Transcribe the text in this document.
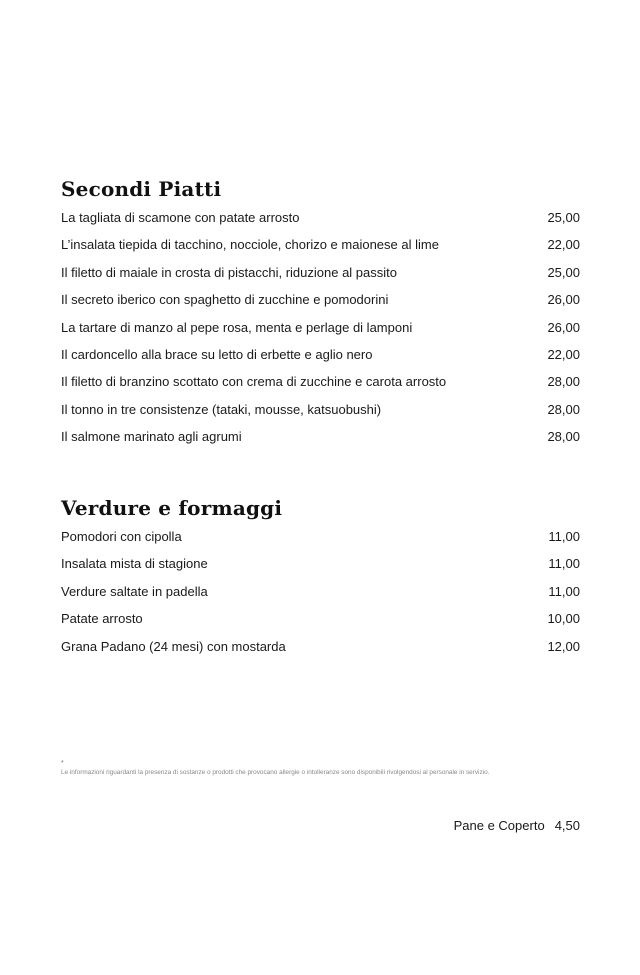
Secondi Piatti
La tagliata di scamone con patate arrosto	25,00
L’insalata tiepida di tacchino, nocciole, chorizo e maionese al lime	22,00
Il filetto di maiale in crosta di pistacchi, riduzione al passito	25,00
Il secreto iberico con spaghetto di zucchine e pomodorini	26,00
La tartare di manzo al pepe rosa, menta e perlage di lamponi	26,00
Il cardoncello alla brace su letto di erbette e aglio nero	22,00
Il filetto di branzino scottato con crema di zucchine e carota arrosto	28,00
Il tonno in tre consistenze (tataki, mousse, katsuobushi)	28,00
Il salmone marinato agli agrumi	28,00
Verdure e formaggi
Pomodori con cipolla	11,00
Insalata mista di stagione	11,00
Verdure saltate in padella	11,00
Patate arrosto	10,00
Grana Padano (24 mesi) con mostarda	12,00
*
Le informazioni riguardanti la presenza di sostanze o prodotti che provocano allergie o intolleranze sono disponibili rivolgendosi al personale in servizio.
Pane e Coperto 4,50
